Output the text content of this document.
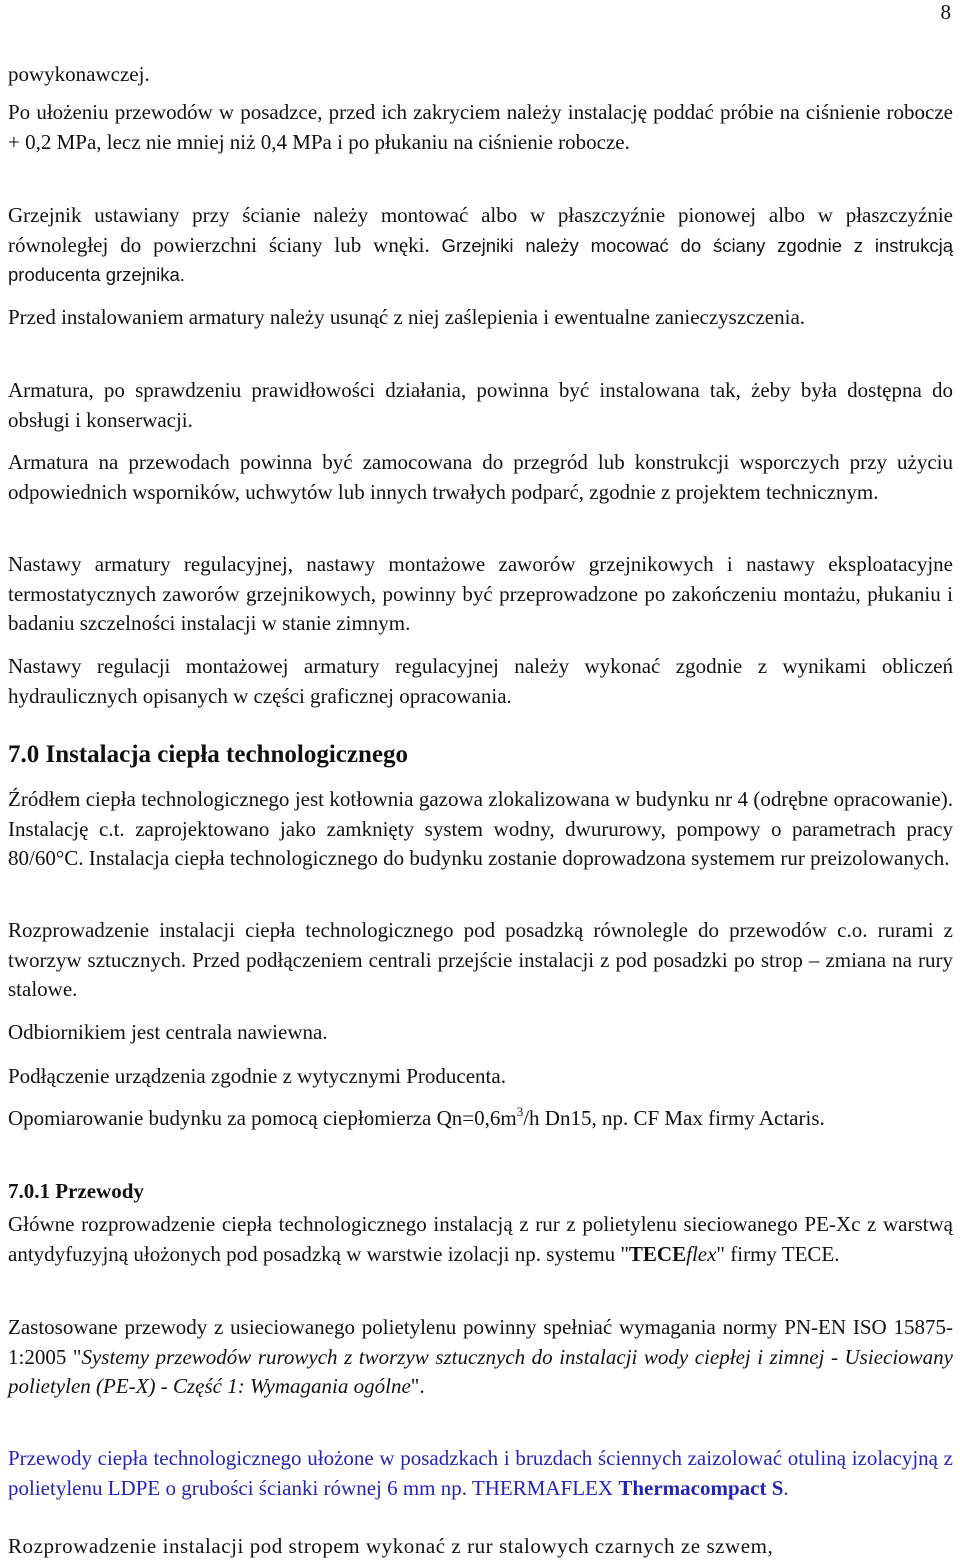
8

powykonawczej.

Po ułożeniu przewodów w posadzce, przed ich zakryciem należy instalację poddać próbie na ciśnienie robocze + 0,2 MPa, lecz nie mniej niż 0,4 MPa i po płukaniu na ciśnienie robocze.

Grzejnik ustawiany przy ścianie należy montować albo w płaszczyźnie pionowej albo w płaszczyźnie równoległej do powierzchni ściany lub wnęki. Grzejniki należy mocować do ściany zgodnie z instrukcją producenta grzejnika.

Przed instalowaniem armatury należy usunąć z niej zaślepienia i ewentualne zanieczyszczenia.

Armatura, po sprawdzeniu prawidłowości działania, powinna być instalowana tak, żeby była dostępna do obsługi i konserwacji.

Armatura na przewodach powinna być zamocowana do przegród lub konstrukcji wsporczych przy użyciu odpowiednich wsporników, uchwytów lub innych trwałych podparć, zgodnie z projektem technicznym.

Nastawy armatury regulacyjnej, nastawy montażowe zaworów grzejnikowych i nastawy eksploatacyjne termostatycznych zaworów grzejnikowych, powinny być przeprowadzone po zakończeniu montażu, płukaniu i badaniu szczelności instalacji w stanie zimnym.

Nastawy regulacji montażowej armatury regulacyjnej należy wykonać zgodnie z wynikami obliczeń hydraulicznych opisanych w części graficznej opracowania.

7.0 Instalacja ciepła technologicznego

Źródłem ciepła technologicznego jest kotłownia gazowa zlokalizowana w budynku nr 4 (odrębne opracowanie). Instalację c.t. zaprojektowano jako zamknięty system wodny, dwururowy, pompowy o parametrach pracy 80/60°C. Instalacja ciepła technologicznego do budynku zostanie doprowadzona systemem rur preizolowanych.

Rozprowadzenie instalacji ciepła technologicznego pod posadzką równolegle do przewodów c.o. rurami z tworzyw sztucznych. Przed podłączeniem centrali przejście instalacji z pod posadzki po strop – zmiana na rury stalowe.

Odbiornikiem jest centrala nawiewna.

Podłączenie urządzenia zgodnie z wytycznymi Producenta.

Opomiarowanie budynku za pomocą ciepłomierza $Qn=0,6m^3/h$ Dn15, np. CF Max firmy Actaris.

7.0.1 Przewody

Główne rozprowadzenie ciepła technologicznego instalacją z rur z polietylenu sieciowanego PE-Xc z warstwą antydyfuzyjną ułożonych pod posadzką w warstwie izolacji np. systemu "TECEflex" firmy TECE.

Zastosowane przewody z usieciowanego polietylenu powinny spełniać wymagania normy PN-EN ISO 15875-1:2005 "Systemy przewodów rurowych z tworzyw sztucznych do instalacji wody ciepłej i zimnej - Usieciowany polietylen (PE-X) - Część 1: Wymagania ogólne".

Przewody ciepła technologicznego ułożone w posadzkach i bruzdach ściennych zaizolować otuliną izolacyjną z polietylenu LDPE o grubości ścianki równej 6 mm np. THERMAFLEX Thermacompact S.

Rozprowadzenie instalacji pod stropem wykonać z rur stalowych czarnych ze szwem,
